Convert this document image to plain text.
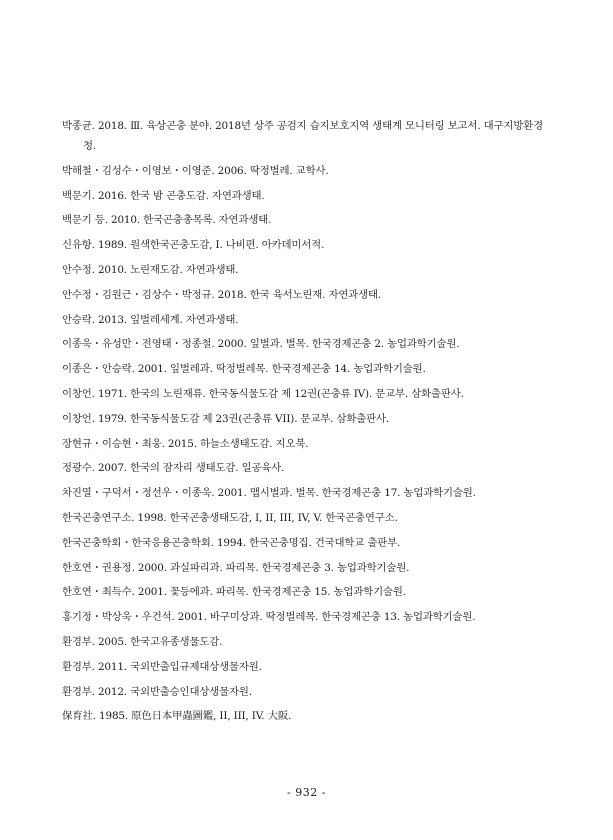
박종균. 2018. Ⅲ. 육상곤충 분야. 2018년 상주 공검지 습지보호지역 생태계 모니터링 보고서. 대구지방환경청.
박해철・김성수・이영보・이영준. 2006. 딱정벌레. 교학사.
백문기. 2016. 한국 밤 곤충도감. 자연과생태.
백문기 등. 2010. 한국곤충총목록. 자연과생태.
신유항. 1989. 원색한국곤충도감, I. 나비편. 아카데미서적.
안수정. 2010. 노린재도감. 자연과생태.
안수정・김원근・김상수・박정규. 2018. 한국 육서노린재. 자연과생태.
안승락. 2013. 잎벌레세계. 자연과생태.
이종욱・유성만・전영태・정종철. 2000. 잎벌과. 벌목. 한국경제곤충 2. 농업과학기술원.
이종은・안승락. 2001. 잎벌레과. 딱정벌레목. 한국경제곤충 14. 농업과학기술원.
이창언. 1971. 한국의 노린재류. 한국동식물도감 제 12권(곤충류 IV). 문교부. 삼화출판사.
이창언. 1979. 한국동식물도감 제 23권(곤충류 VII). 문교부. 삼화출판사.
장현규・이승현・최웅. 2015. 하늘소생태도감. 지오북.
정광수. 2007. 한국의 잠자리 생태도감. 일공육사.
차진열・구덕서・정선우・이종욱. 2001. 맵시벌과. 벌목. 한국경제곤충 17. 농업과학기술원.
한국곤충연구소. 1998. 한국곤충생태도감, I, II, III, IV, V. 한국곤충연구소.
한국곤충학회・한국응용곤충학회. 1994. 한국곤충명집. 건국대학교 출판부.
한호연・권용정. 2000. 과실파리과. 파리목. 한국경제곤충 3. 농업과학기술원.
한호연・최득수. 2001. 꽃등에과. 파리목. 한국경제곤충 15. 농업과학기술원.
홍기정・박상욱・우건석. 2001. 바구미상과. 딱정벌레목. 한국경제곤충 13. 농업과학기술원.
환경부. 2005. 한국고유종생물도감.
환경부. 2011. 국외반출입규제대상생물자원.
환경부. 2012. 국외반출승인대상생물자원.
保育社. 1985. 原色日本甲蟲圖鑑, II, III, IV. 大阪.
- 932 -
